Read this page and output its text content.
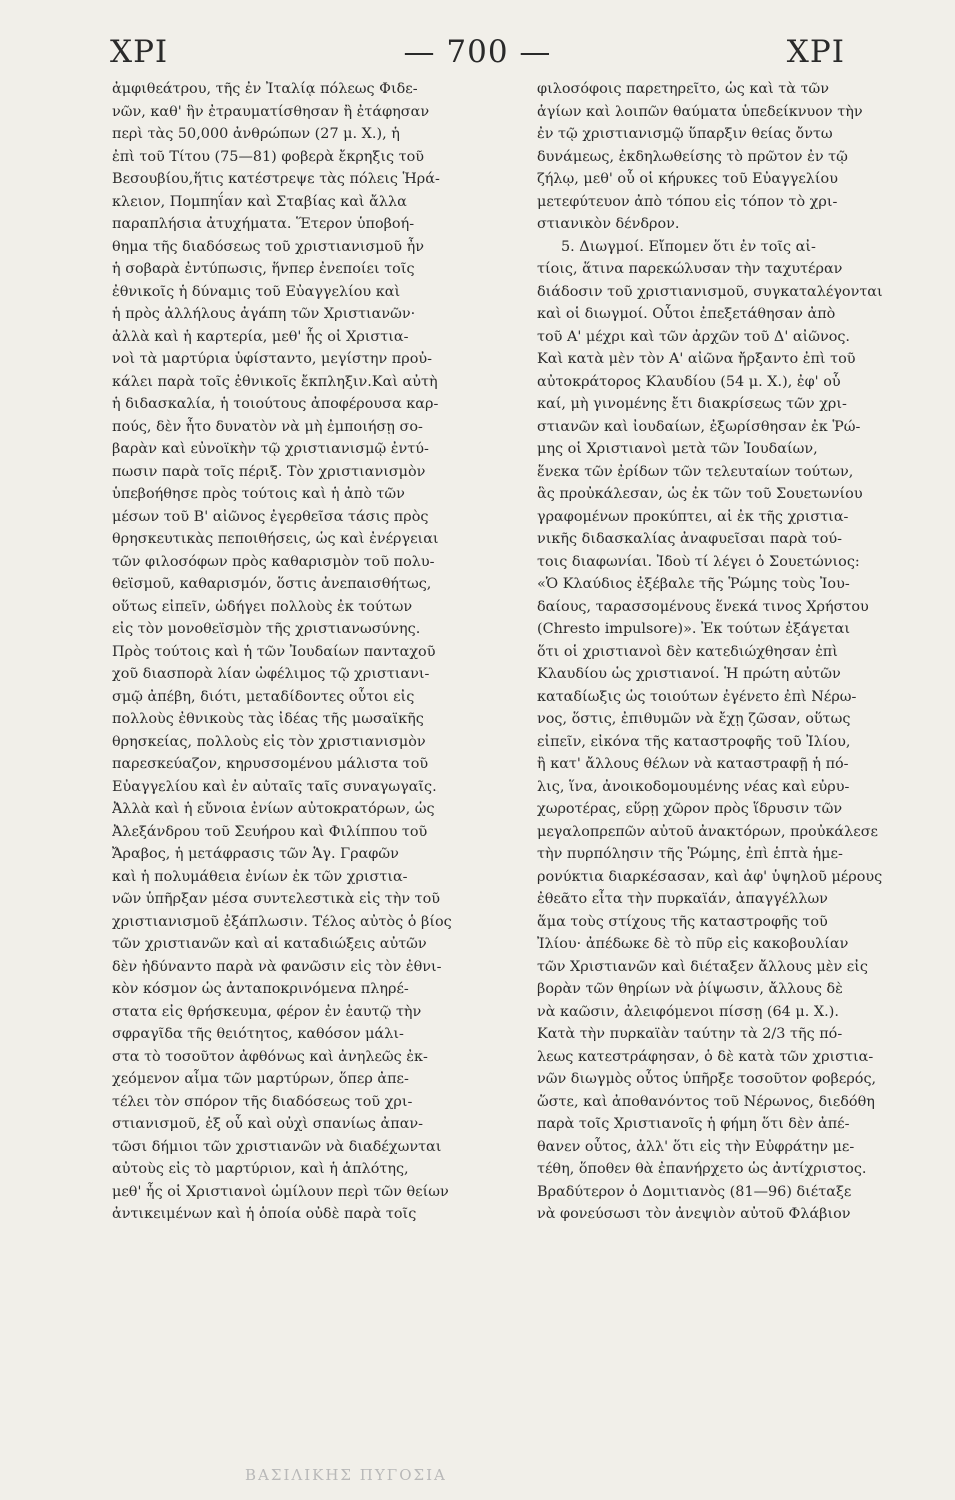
ΧΡΙ	— 700 —	ΧΡΙ
ἀμφιθεάτρου, τῆς ἐν Ἰταλίᾳ πόλεως Φιδε-
νῶν, καθ' ἣν ἐτραυματίσθησαν ἢ ἐτάφησαν
περὶ τὰς 50,000 ἀνθρώπων (27 μ. Χ.), ἡ
ἐπὶ τοῦ Τίτου (75—81) φοβερὰ ἔκρηξις τοῦ
Βεσουβίου,ἥτις κατέστρεψε τὰς πόλεις Ἡρά-
κλειον, Πομπηΐαν καὶ Σταβίας καὶ ἄλλα
παραπλήσια ἀτυχήματα. Ἕτερον ὑποβοή-
θημα τῆς διαδόσεως τοῦ χριστιανισμοῦ ἦν
ἡ σοβαρὰ ἐντύπωσις, ἥνπερ ἐνεποίει τοῖς
ἐθνικοῖς ἡ δύναμις τοῦ Εὐαγγελίου καὶ
ἡ πρὸς ἀλλήλους ἀγάπη τῶν Χριστιανῶν·
ἀλλὰ καὶ ἡ καρτερία, μεθ' ἧς οἱ Χριστια-
νοὶ τὰ μαρτύρια ὑφίσταντο, μεγίστην προὐ-
κάλει παρὰ τοῖς ἐθνικοῖς ἔκπληξιν.Καὶ αὐτὴ
ἡ διδασκαλία, ἡ τοιούτους ἀποφέρουσα καρ-
πούς, δὲν ἦτο δυνατὸν νὰ μὴ ἐμποιήσῃ σο-
βαρὰν καὶ εὐνοϊκὴν τῷ χριστιανισμῷ ἐντύ-
πωσιν παρὰ τοῖς πέριξ. Τὸν χριστιανισμὸν
ὑπεβοήθησε πρὸς τούτοις καὶ ἡ ἀπὸ τῶν
μέσων τοῦ Β' αἰῶνος ἐγερθεῖσα τάσις πρὸς
θρησκευτικὰς πεποιθήσεις, ὡς καὶ ἐνέργειαι
τῶν φιλοσόφων πρὸς καθαρισμὸν τοῦ πολυ-
θεϊσμοῦ, καθαρισμόν, ὅστις ἀνεπαισθήτως,
οὕτως εἰπεῖν, ὡδήγει πολλοὺς ἐκ τούτων
εἰς τὸν μονοθεϊσμὸν τῆς χριστιανωσύνης.
Πρὸς τούτοις καὶ ἡ τῶν Ἰουδαίων πανταχοῦ
χοῦ διασπορὰ λίαν ὠφέλιμος τῷ χριστιανι-
σμῷ ἀπέβη, διότι, μεταδίδοντες οὗτοι εἰς
πολλοὺς ἐθνικοὺς τὰς ἰδέας τῆς μωσαϊκῆς
θρησκείας, πολλοὺς εἰς τὸν χριστιανισμὸν
παρεσκεύαζον, κηρυσσομένου μάλιστα τοῦ
Εὐαγγελίου καὶ ἐν αὐταῖς ταῖς συναγωγαῖς.
Ἀλλὰ καὶ ἡ εὔνοια ἐνίων αὐτοκρατόρων, ὡς
Ἀλεξάνδρου τοῦ Σευήρου καὶ Φιλίππου τοῦ
Ἄραβος, ἡ μετάφρασις τῶν Ἁγ. Γραφῶν
καὶ ἡ πολυμάθεια ἐνίων ἐκ τῶν χριστια-
νῶν ὑπῆρξαν μέσα συντελεστικὰ εἰς τὴν τοῦ
χριστιανισμοῦ ἐξάπλωσιν. Τέλος αὐτὸς ὁ βίος
τῶν χριστιανῶν καὶ αἱ καταδιώξεις αὐτῶν
δὲν ἠδύναντο παρὰ νὰ φανῶσιν εἰς τὸν ἐθνι-
κὸν κόσμον ὡς ἀνταποκρινόμενα πληρέ-
στατα εἰς θρήσκευμα, φέρον ἐν ἑαυτῷ τὴν
σφραγῖδα τῆς θειότητος, καθόσον μάλι-
στα τὸ τοσοῦτον ἀφθόνως καὶ ἀνηλεῶς ἐκ-
χεόμενον αἷμα τῶν μαρτύρων, ὅπερ ἀπε-
τέλει τὸν σπόρον τῆς διαδόσεως τοῦ χρι-
στιανισμοῦ, ἐξ οὗ καὶ οὐχὶ σπανίως ἀπαν-
τῶσι δήμιοι τῶν χριστιανῶν νὰ διαδέχωνται
αὐτοὺς εἰς τὸ μαρτύριον, καὶ ἡ ἁπλότης,
μεθ' ἧς οἱ Χριστιανοὶ ὡμίλουν περὶ τῶν θείων
ἀντικειμένων καὶ ἡ ὁποία οὐδὲ παρὰ τοῖς
φιλοσόφοις παρετηρεῖτο, ὡς καὶ τὰ τῶν
ἁγίων καὶ λοιπῶν θαύματα ὑπεδείκνυον τὴν
ἐν τῷ χριστιανισμῷ ὕπαρξιν θείας ὄντω
δυνάμεως, ἐκδηλωθείσης τὸ πρῶτον ἐν τῷ
ζήλῳ, μεθ' οὗ οἱ κήρυκες τοῦ Εὐαγγελίου
μετεφύτευον ἀπὸ τόπου εἰς τόπον τὸ χρι-
στιανικὸν δένδρον.
5. Διωγμοί. Εἴπομεν ὅτι ἐν τοῖς αἰ-
τίοις, ἅτινα παρεκώλυσαν τὴν ταχυτέραν
διάδοσιν τοῦ χριστιανισμοῦ, συγκαταλέγονται
καὶ οἱ διωγμοί. Οὗτοι ἐπεξετάθησαν ἀπὸ
τοῦ Α' μέχρι καὶ τῶν ἀρχῶν τοῦ Δ' αἰῶνος.
Καὶ κατὰ μὲν τὸν Α' αἰῶνα ἤρξαντο ἐπὶ τοῦ
αὐτοκράτορος Κλαυδίου (54 μ. Χ.), ἐφ' οὗ
καί, μὴ γινομένης ἔτι διακρίσεως τῶν χρι-
στιανῶν καὶ ἰουδαίων, ἐξωρίσθησαν ἐκ Ῥώ-
μης οἱ Χριστιανοὶ μετὰ τῶν Ἰουδαίων,
ἕνεκα τῶν ἐρίδων τῶν τελευταίων τούτων,
ἃς προὐκάλεσαν, ὡς ἐκ τῶν τοῦ Σουετωνίου
γραφομένων προκύπτει, αἱ ἐκ τῆς χριστια-
νικῆς διδασκαλίας ἀναφυεῖσαι παρὰ τού-
τοις διαφωνίαι. Ἰδοὺ τί λέγει ὁ Σουετώνιος:
«Ὁ Κλαύδιος ἐξέβαλε τῆς Ῥώμης τοὺς Ἰου-
δαίους, ταρασσομένους ἕνεκά τινος Χρήστου
(Chresto impulsore)». Ἐκ τούτων ἐξάγεται
ὅτι οἱ χριστιανοὶ δὲν κατεδιώχθησαν ἐπὶ
Κλαυδίου ὡς χριστιανοί. Ἡ πρώτη αὐτῶν
καταδίωξις ὡς τοιούτων ἐγένετο ἐπὶ Νέρω-
νος, ὅστις, ἐπιθυμῶν νὰ ἔχῃ ζῶσαν, οὕτως
εἰπεῖν, εἰκόνα τῆς καταστροφῆς τοῦ Ἰλίου,
ἢ κατ' ἄλλους θέλων νὰ καταστραφῇ ἡ πό-
λις, ἵνα, ἀνοικοδομουμένης νέας καὶ εὐρυ-
χωροτέρας, εὕρῃ χῶρον πρὸς ἵδρυσιν τῶν
μεγαλοπρεπῶν αὐτοῦ ἀνακτόρων, προὐκάλεσε
τὴν πυρπόλησιν τῆς Ῥώμης, ἐπὶ ἑπτὰ ἡμε-
ρονύκτια διαρκέσασαν, καὶ ἀφ' ὑψηλοῦ μέρους
ἐθεᾶτο εἶτα τὴν πυρκαϊάν, ἀπαγγέλλων
ἅμα τοὺς στίχους τῆς καταστροφῆς τοῦ
Ἰλίου· ἀπέδωκε δὲ τὸ πῦρ εἰς κακοβουλίαν
τῶν Χριστιανῶν καὶ διέταξεν ἄλλους μὲν εἰς
βορὰν τῶν θηρίων νὰ ῥίψωσιν, ἄλλους δὲ
νὰ καῶσιν, ἀλειφόμενοι πίσσῃ (64 μ. Χ.).
Κατὰ τὴν πυρκαϊὰν ταύτην τὰ 2/3 τῆς πό-
λεως κατεστράφησαν, ὁ δὲ κατὰ τῶν χριστια-
νῶν διωγμὸς οὗτος ὑπῆρξε τοσοῦτον φοβερός,
ὥστε, καὶ ἀποθανόντος τοῦ Νέρωνος, διεδόθη
παρὰ τοῖς Χριστιανοῖς ἡ φήμη ὅτι δὲν ἀπέ-
θανεν οὗτος, ἀλλ' ὅτι εἰς τὴν Εὐφράτην με-
τέθη, ὅποθεν θὰ ἐπανήρχετο ὡς ἀντίχριστος.
Βραδύτερον ὁ Δομιτιανὸς (81—96) διέταξε
νὰ φονεύσωσι τὸν ἀνεψιὸν αὐτοῦ Φλάβιον
ΒΑΣΙΛΙΚΗΣ ΠΥΓΟΣΙΑ
